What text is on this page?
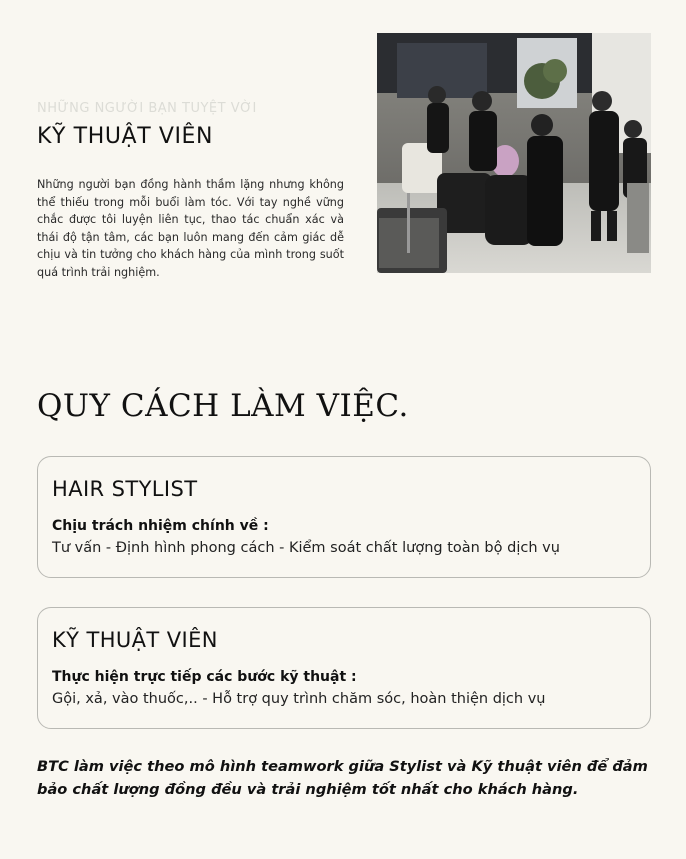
NHỮNG NGƯỜI BẠN TUYỆT VỜI
KỸ THUẬT VIÊN

Những người bạn đồng hành thầm lặng nhưng không thể thiếu trong mỗi buổi làm tóc. Với tay nghề vững chắc được tôi luyện liên tục, thao tác chuẩn xác và thái độ tận tâm, các bạn luôn mang đến cảm giác dễ chịu và tin tưởng cho khách hàng của mình trong suốt quá trình trải nghiệm.

QUY CÁCH LÀM VIỆC.
HAIR STYLIST
Chịu trách nhiệm chính về :
Tư vấn - Định hình phong cách - Kiểm soát chất lượng toàn bộ dịch vụ
KỸ THUẬT VIÊN
Thực hiện trực tiếp các bước kỹ thuật :
Gội, xả, vào thuốc,.. - Hỗ trợ quy trình chăm sóc, hoàn thiện dịch vụ

BTC làm việc theo mô hình teamwork giữa Stylist và Kỹ thuật viên để đảm bảo chất lượng đồng đều và trải nghiệm tốt nhất cho khách hàng.
